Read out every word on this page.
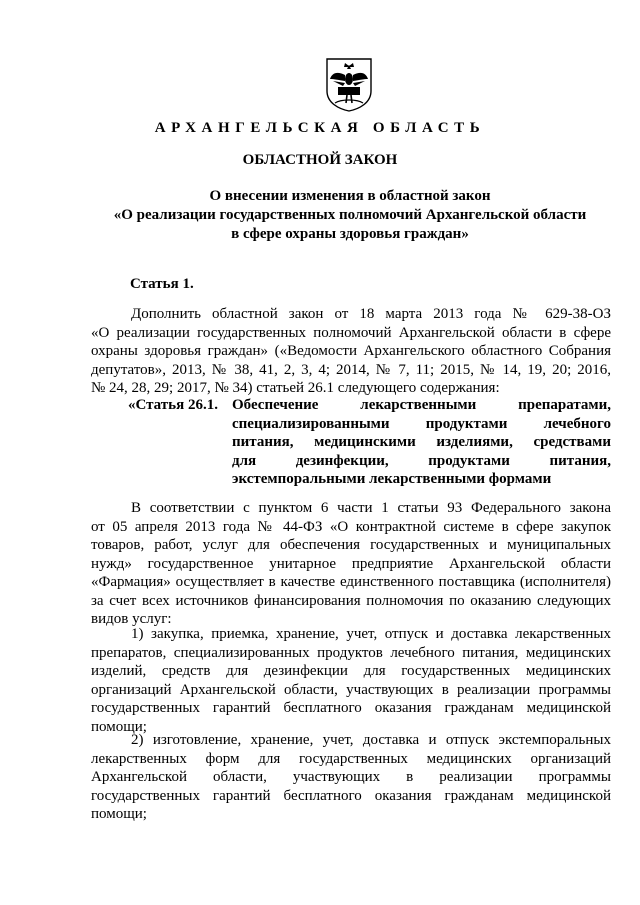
АРХАНГЕЛЬСКАЯ ОБЛАСТЬ
ОБЛАСТНОЙ ЗАКОН
О внесении изменения в областной закон
«О реализации государственных полномочий Архангельской области
в сфере охраны здоровья граждан»
Статья 1.
Дополнить областной закон от 18 марта 2013 года № 629-38-ОЗ
«О реализации государственных полномочий Архангельской области в сфере
охраны здоровья граждан» («Ведомости Архангельского областного Собрания
депутатов», 2013, № 38, 41, 2, 3, 4; 2014, № 7, 11; 2015, № 14, 19, 20; 2016,
№ 24, 28, 29; 2017, № 34) статьей 26.1 следующего содержания:
«Статья 26.1. Обеспечение лекарственными препаратами,
специализированными продуктами лечебного
питания, медицинскими изделиями, средствами
для дезинфекции, продуктами питания,
экстемпоральными лекарственными формами
В соответствии с пунктом 6 части 1 статьи 93 Федерального закона
от 05 апреля 2013 года № 44-ФЗ «О контрактной системе в сфере закупок
товаров, работ, услуг для обеспечения государственных и муниципальных
нужд» государственное унитарное предприятие Архангельской области
«Фармация» осуществляет в качестве единственного поставщика (исполнителя)
за счет всех источников финансирования полномочия по оказанию следующих
видов услуг:
1) закупка, приемка, хранение, учет, отпуск и доставка лекарственных
препаратов, специализированных продуктов лечебного питания, медицинских
изделий, средств для дезинфекции для государственных медицинских
организаций Архангельской области, участвующих в реализации программы
государственных гарантий бесплатного оказания гражданам медицинской
помощи;
2) изготовление, хранение, учет, доставка и отпуск экстемпоральных
лекарственных форм для государственных медицинских организаций
Архангельской области, участвующих в реализации программы
государственных гарантий бесплатного оказания гражданам медицинской
помощи;
